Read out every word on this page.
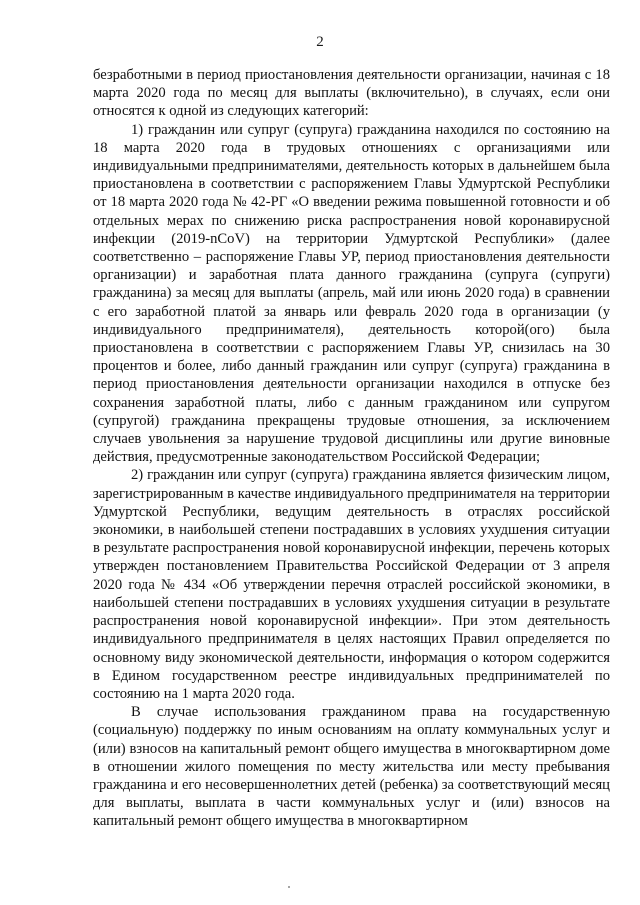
2

безработными в период приостановления деятельности организации, начиная с 18 марта 2020 года по месяц для выплаты (включительно), в случаях, если они относятся к одной из следующих категорий:

1) гражданин или супруг (супруга) гражданина находился по состоянию на 18 марта 2020 года в трудовых отношениях с организациями или индивидуальными предпринимателями, деятельность которых в дальнейшем была приостановлена в соответствии с распоряжением Главы Удмуртской Республики от 18 марта 2020 года № 42-РГ «О введении режима повышенной готовности и об отдельных мерах по снижению риска распространения новой коронавирусной инфекции (2019-nCoV) на территории Удмуртской Республики» (далее соответственно – распоряжение Главы УР, период приостановления деятельности организации) и заработная плата данного гражданина (супруга (супруги) гражданина) за месяц для выплаты (апрель, май или июнь 2020 года) в сравнении с его заработной платой за январь или февраль 2020 года в организации (у индивидуального предпринимателя), деятельность которой(ого) была приостановлена в соответствии с распоряжением Главы УР, снизилась на 30 процентов и более, либо данный гражданин или супруг (супруга) гражданина в период приостановления деятельности организации находился в отпуске без сохранения заработной платы, либо с данным гражданином или супругом (супругой) гражданина прекращены трудовые отношения, за исключением случаев увольнения за нарушение трудовой дисциплины или другие виновные действия, предусмотренные законодательством Российской Федерации;

2) гражданин или супруг (супруга) гражданина является физическим лицом, зарегистрированным в качестве индивидуального предпринимателя на территории Удмуртской Республики, ведущим деятельность в отраслях российской экономики, в наибольшей степени пострадавших в условиях ухудшения ситуации в результате распространения новой коронавирусной инфекции, перечень которых утвержден постановлением Правительства Российской Федерации от 3 апреля 2020 года № 434 «Об утверждении перечня отраслей российской экономики, в наибольшей степени пострадавших в условиях ухудшения ситуации в результате распространения новой коронавирусной инфекции». При этом деятельность индивидуального предпринимателя в целях настоящих Правил определяется по основному виду экономической деятельности, информация о котором содержится в Едином государственном реестре индивидуальных предпринимателей по состоянию на 1 марта 2020 года.

В случае использования гражданином права на государственную (социальную) поддержку по иным основаниям на оплату коммунальных услуг и (или) взносов на капитальный ремонт общего имущества в многоквартирном доме в отношении жилого помещения по месту жительства или месту пребывания гражданина и его несовершеннолетних детей (ребенка) за соответствующий месяц для выплаты, выплата в части коммунальных услуг и (или) взносов на капитальный ремонт общего имущества в многоквартирном
